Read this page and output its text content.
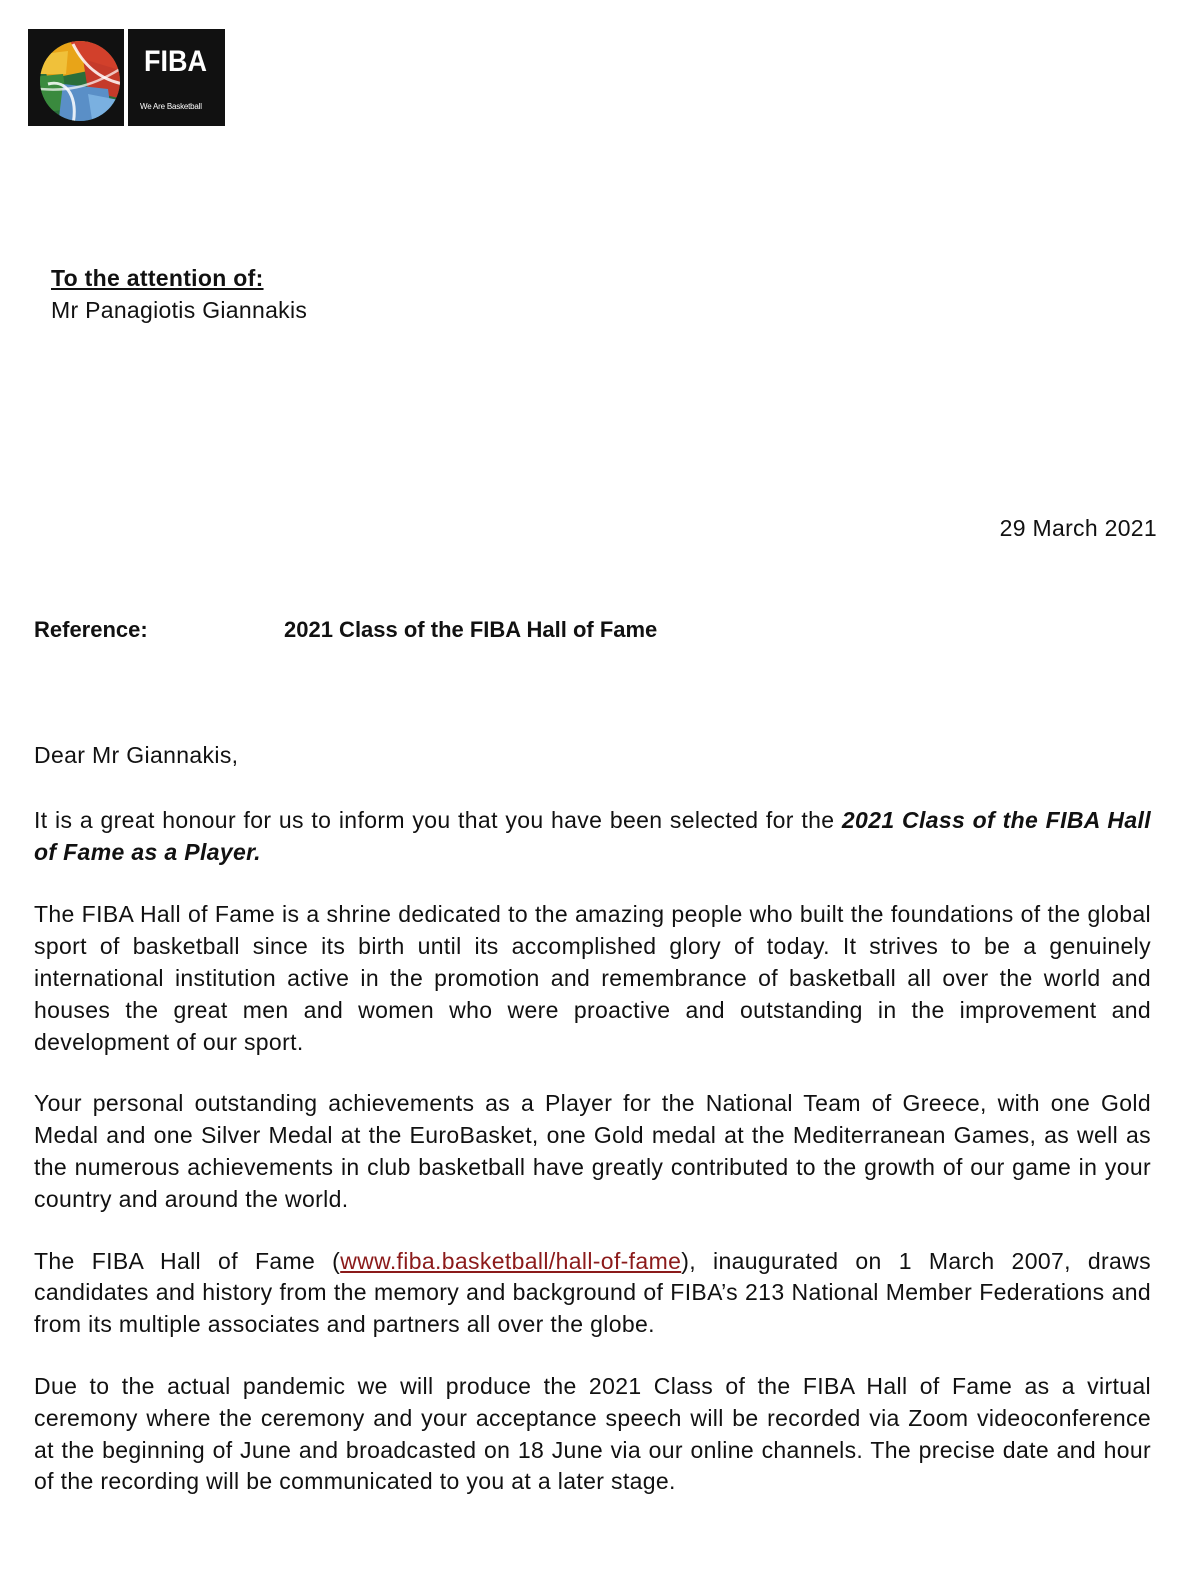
FIBA
We Are Basketball
To the attention of:
Mr Panagiotis Giannakis
29 March 2021
Reference:	2021 Class of the FIBA Hall of Fame

Dear Mr Giannakis,

It is a great honour for us to inform you that you have been selected for the 2021 Class of the FIBA Hall of Fame as a Player.

The FIBA Hall of Fame is a shrine dedicated to the amazing people who built the foundations of the global sport of basketball since its birth until its accomplished glory of today. It strives to be a genuinely international institution active in the promotion and remembrance of basketball all over the world and houses the great men and women who were proactive and outstanding in the improvement and development of our sport.

Your personal outstanding achievements as a Player for the National Team of Greece, with one Gold Medal and one Silver Medal at the EuroBasket, one Gold medal at the Mediterranean Games, as well as the numerous achievements in club basketball have greatly contributed to the growth of our game in your country and around the world.

The FIBA Hall of Fame (www.fiba.basketball/hall-of-fame), inaugurated on 1 March 2007, draws candidates and history from the memory and background of FIBA’s 213 National Member Federations and from its multiple associates and partners all over the globe.

Due to the actual pandemic we will produce the 2021 Class of the FIBA Hall of Fame as a virtual ceremony where the ceremony and your acceptance speech will be recorded via Zoom videoconference at the beginning of June and broadcasted on 18 June via our online channels. The precise date and hour of the recording will be communicated to you at a later stage.
